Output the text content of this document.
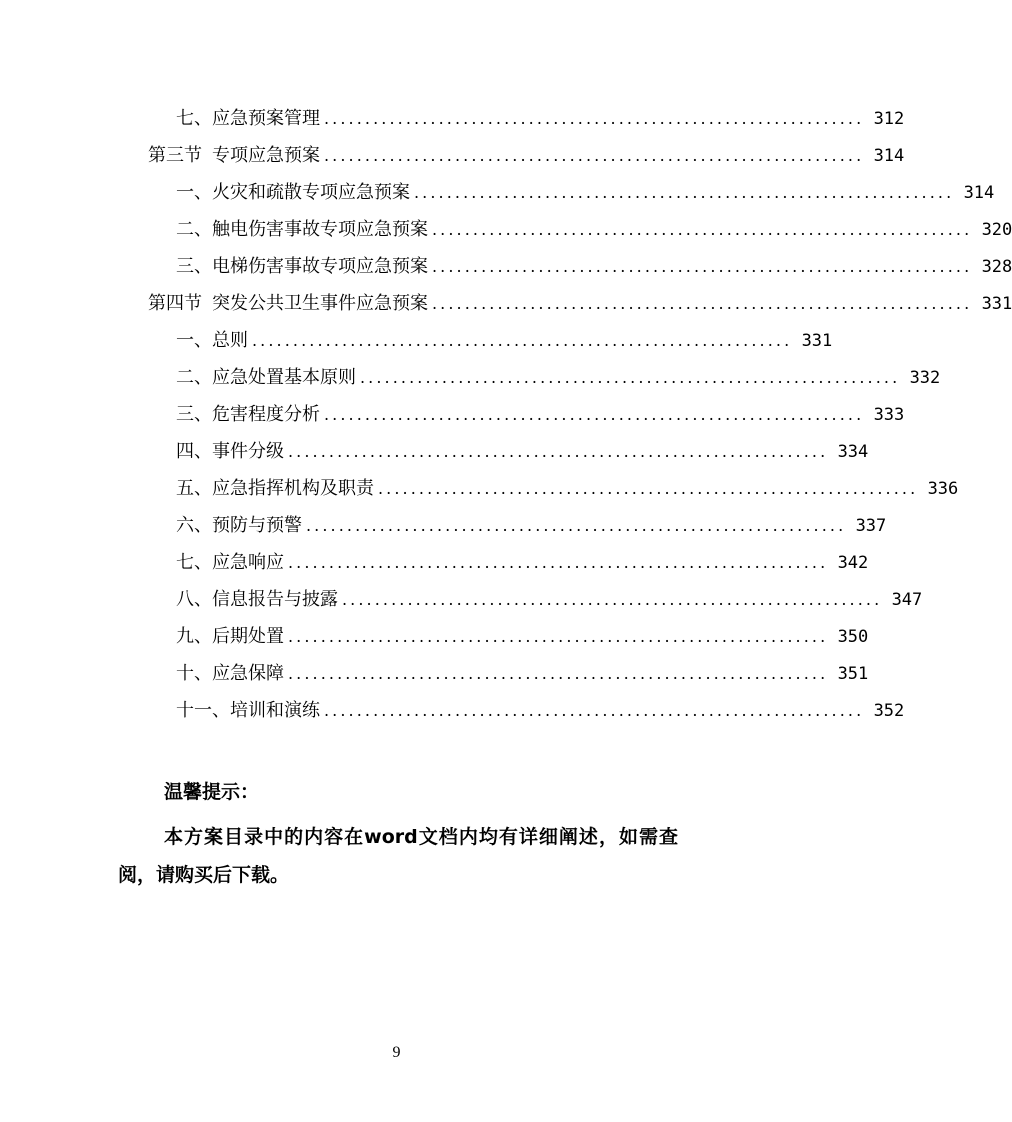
七、应急预案管理 .................................................................. 312
第三节 专项应急预案 .................................................................. 314
一、火灾和疏散专项应急预案 .................................................................. 314
二、触电伤害事故专项应急预案 .................................................................. 320
三、电梯伤害事故专项应急预案 .................................................................. 328
第四节 突发公共卫生事件应急预案 .................................................................. 331
一、总则 .................................................................. 331
二、应急处置基本原则 .................................................................. 332
三、危害程度分析 .................................................................. 333
四、事件分级 .................................................................. 334
五、应急指挥机构及职责 .................................................................. 336
六、预防与预警 .................................................................. 337
七、应急响应 .................................................................. 342
八、信息报告与披露 .................................................................. 347
九、后期处置 .................................................................. 350
十、应急保障 .................................................................. 351
十一、培训和演练 .................................................................. 352
温馨提示：
本方案目录中的内容在word文档内均有详细阐述，如需查阅，请购买后下载。
9
